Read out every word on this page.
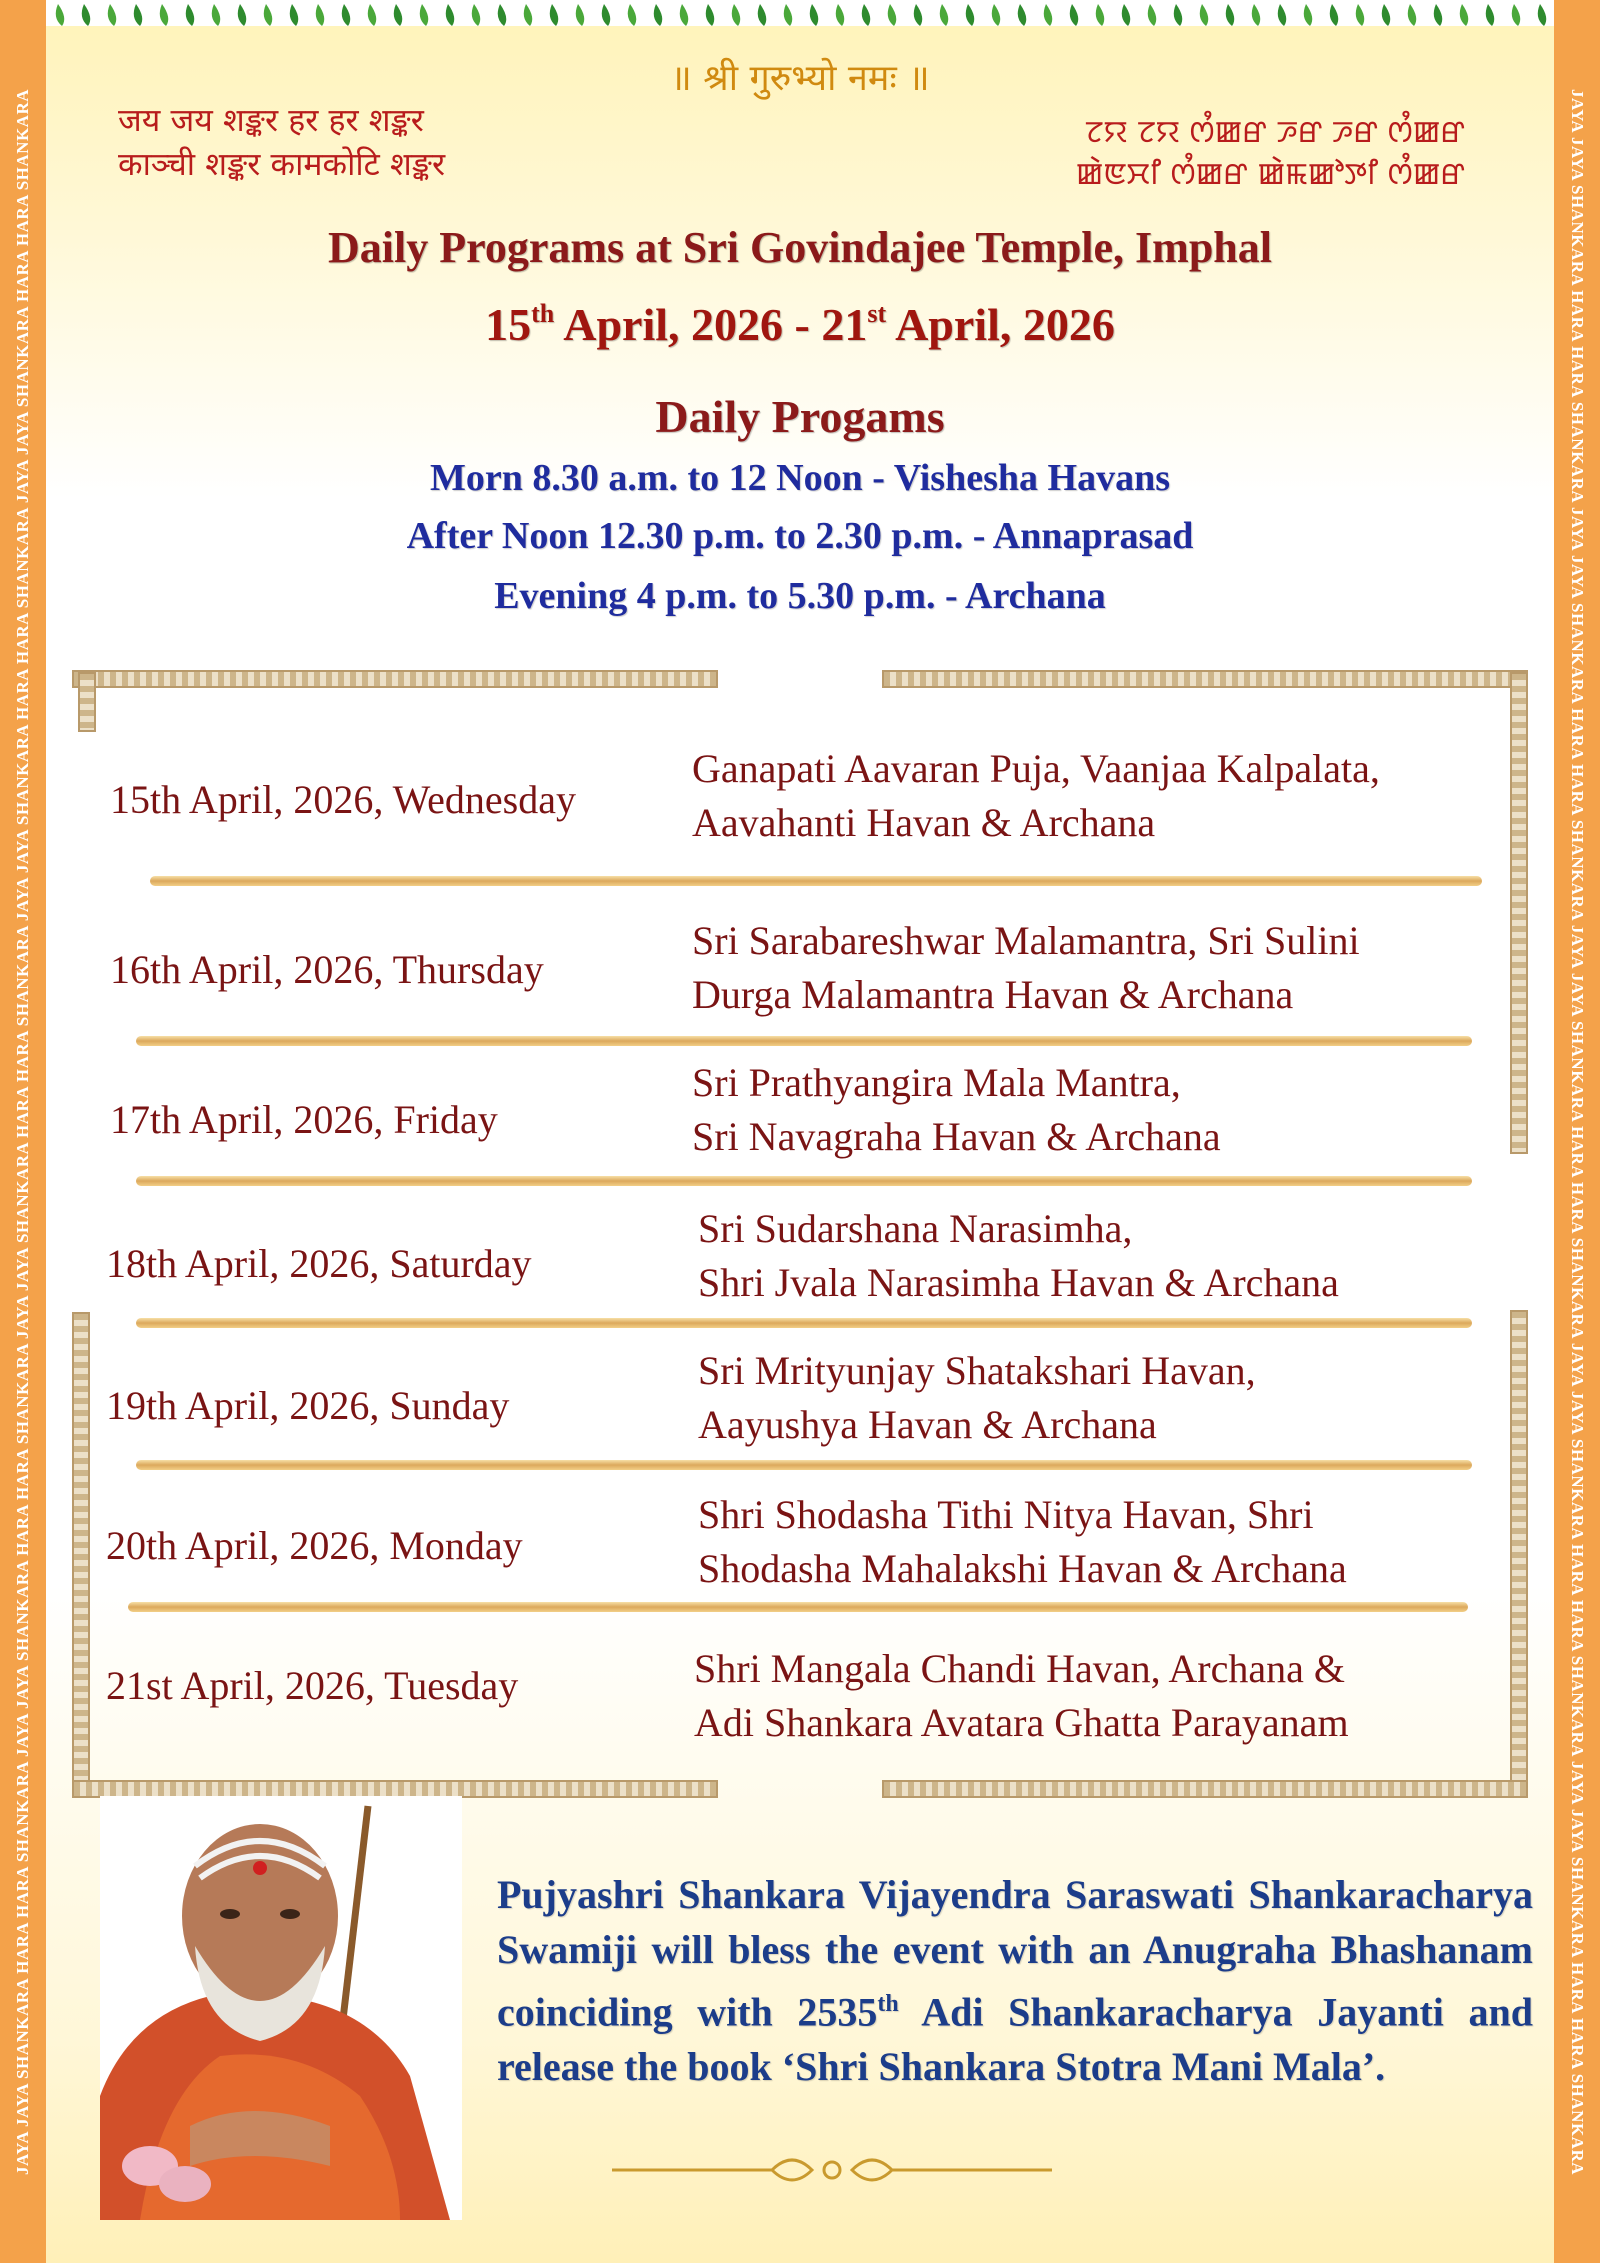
JAYA JAYA SHANKARA HARA HARA SHANKARA JAYA JAYA SHANKARA HARA HARA SHANKARA JAYA JAYA SHANKARA HARA HARA SHANKARA JAYA JAYA SHANKARA HARA HARA SHANKARA JAYA JAYA SHANKARA HARA HARA SHANKARA	JAYA JAYA SHANKARA HARA HARA SHANKARA JAYA JAYA SHANKARA HARA HARA SHANKARA JAYA JAYA SHANKARA HARA HARA SHANKARA JAYA JAYA SHANKARA HARA HARA SHANKARA JAYA JAYA SHANKARA HARA HARA SHANKARA
॥ श्री गुरुभ्यो नमः ॥
जय जय शङ्कर हर हर शङ्कर
काञ्ची शङ्कर कामकोटि शङ्कर
ꯖꯌ ꯖꯌ ꯁꯪꯀꯔ ꯍꯔ ꯍꯔ ꯁꯪꯀꯔ
ꯀꯥꯟꯆꯤ ꯁꯪꯀꯔ ꯀꯥꯃꯀꯣꯇꯤ ꯁꯪꯀꯔ
Daily Programs at Sri Govindajee Temple, Imphal
15th April, 2026 - 21st April, 2026
Daily Progams
Morn 8.30 a.m. to 12 Noon - Vishesha Havans
After Noon 12.30 p.m. to 2.30 p.m. - Annaprasad
Evening 4 p.m. to 5.30 p.m. - Archana
15th April, 2026, Wednesday
Ganapati Aavaran Puja, Vaanjaa Kalpalata,
Aavahanti Havan & Archana
16th April, 2026, Thursday
Sri Sarabareshwar Malamantra, Sri Sulini
Durga Malamantra Havan & Archana
17th April, 2026, Friday
Sri Prathyangira Mala Mantra,
Sri Navagraha Havan & Archana
18th April, 2026, Saturday
Sri Sudarshana Narasimha,
Shri Jvala Narasimha Havan & Archana
19th April, 2026, Sunday
Sri Mrityunjay Shatakshari Havan,
Aayushya Havan & Archana
20th April, 2026, Monday
Shri Shodasha Tithi Nitya Havan, Shri
Shodasha Mahalakshi Havan & Archana
21st April, 2026, Tuesday	Shri Mangala Chandi Havan, Archana &
Adi Shankara Avatara Ghatta Parayanam
Pujyashri Shankara Vijayendra Saraswati Shankaracharya Swamiji will bless the event with an Anugraha Bhashanam coinciding with 2535th Adi Shankaracharya Jayanti and release the book ‘Shri Shankara Stotra Mani Mala’.
